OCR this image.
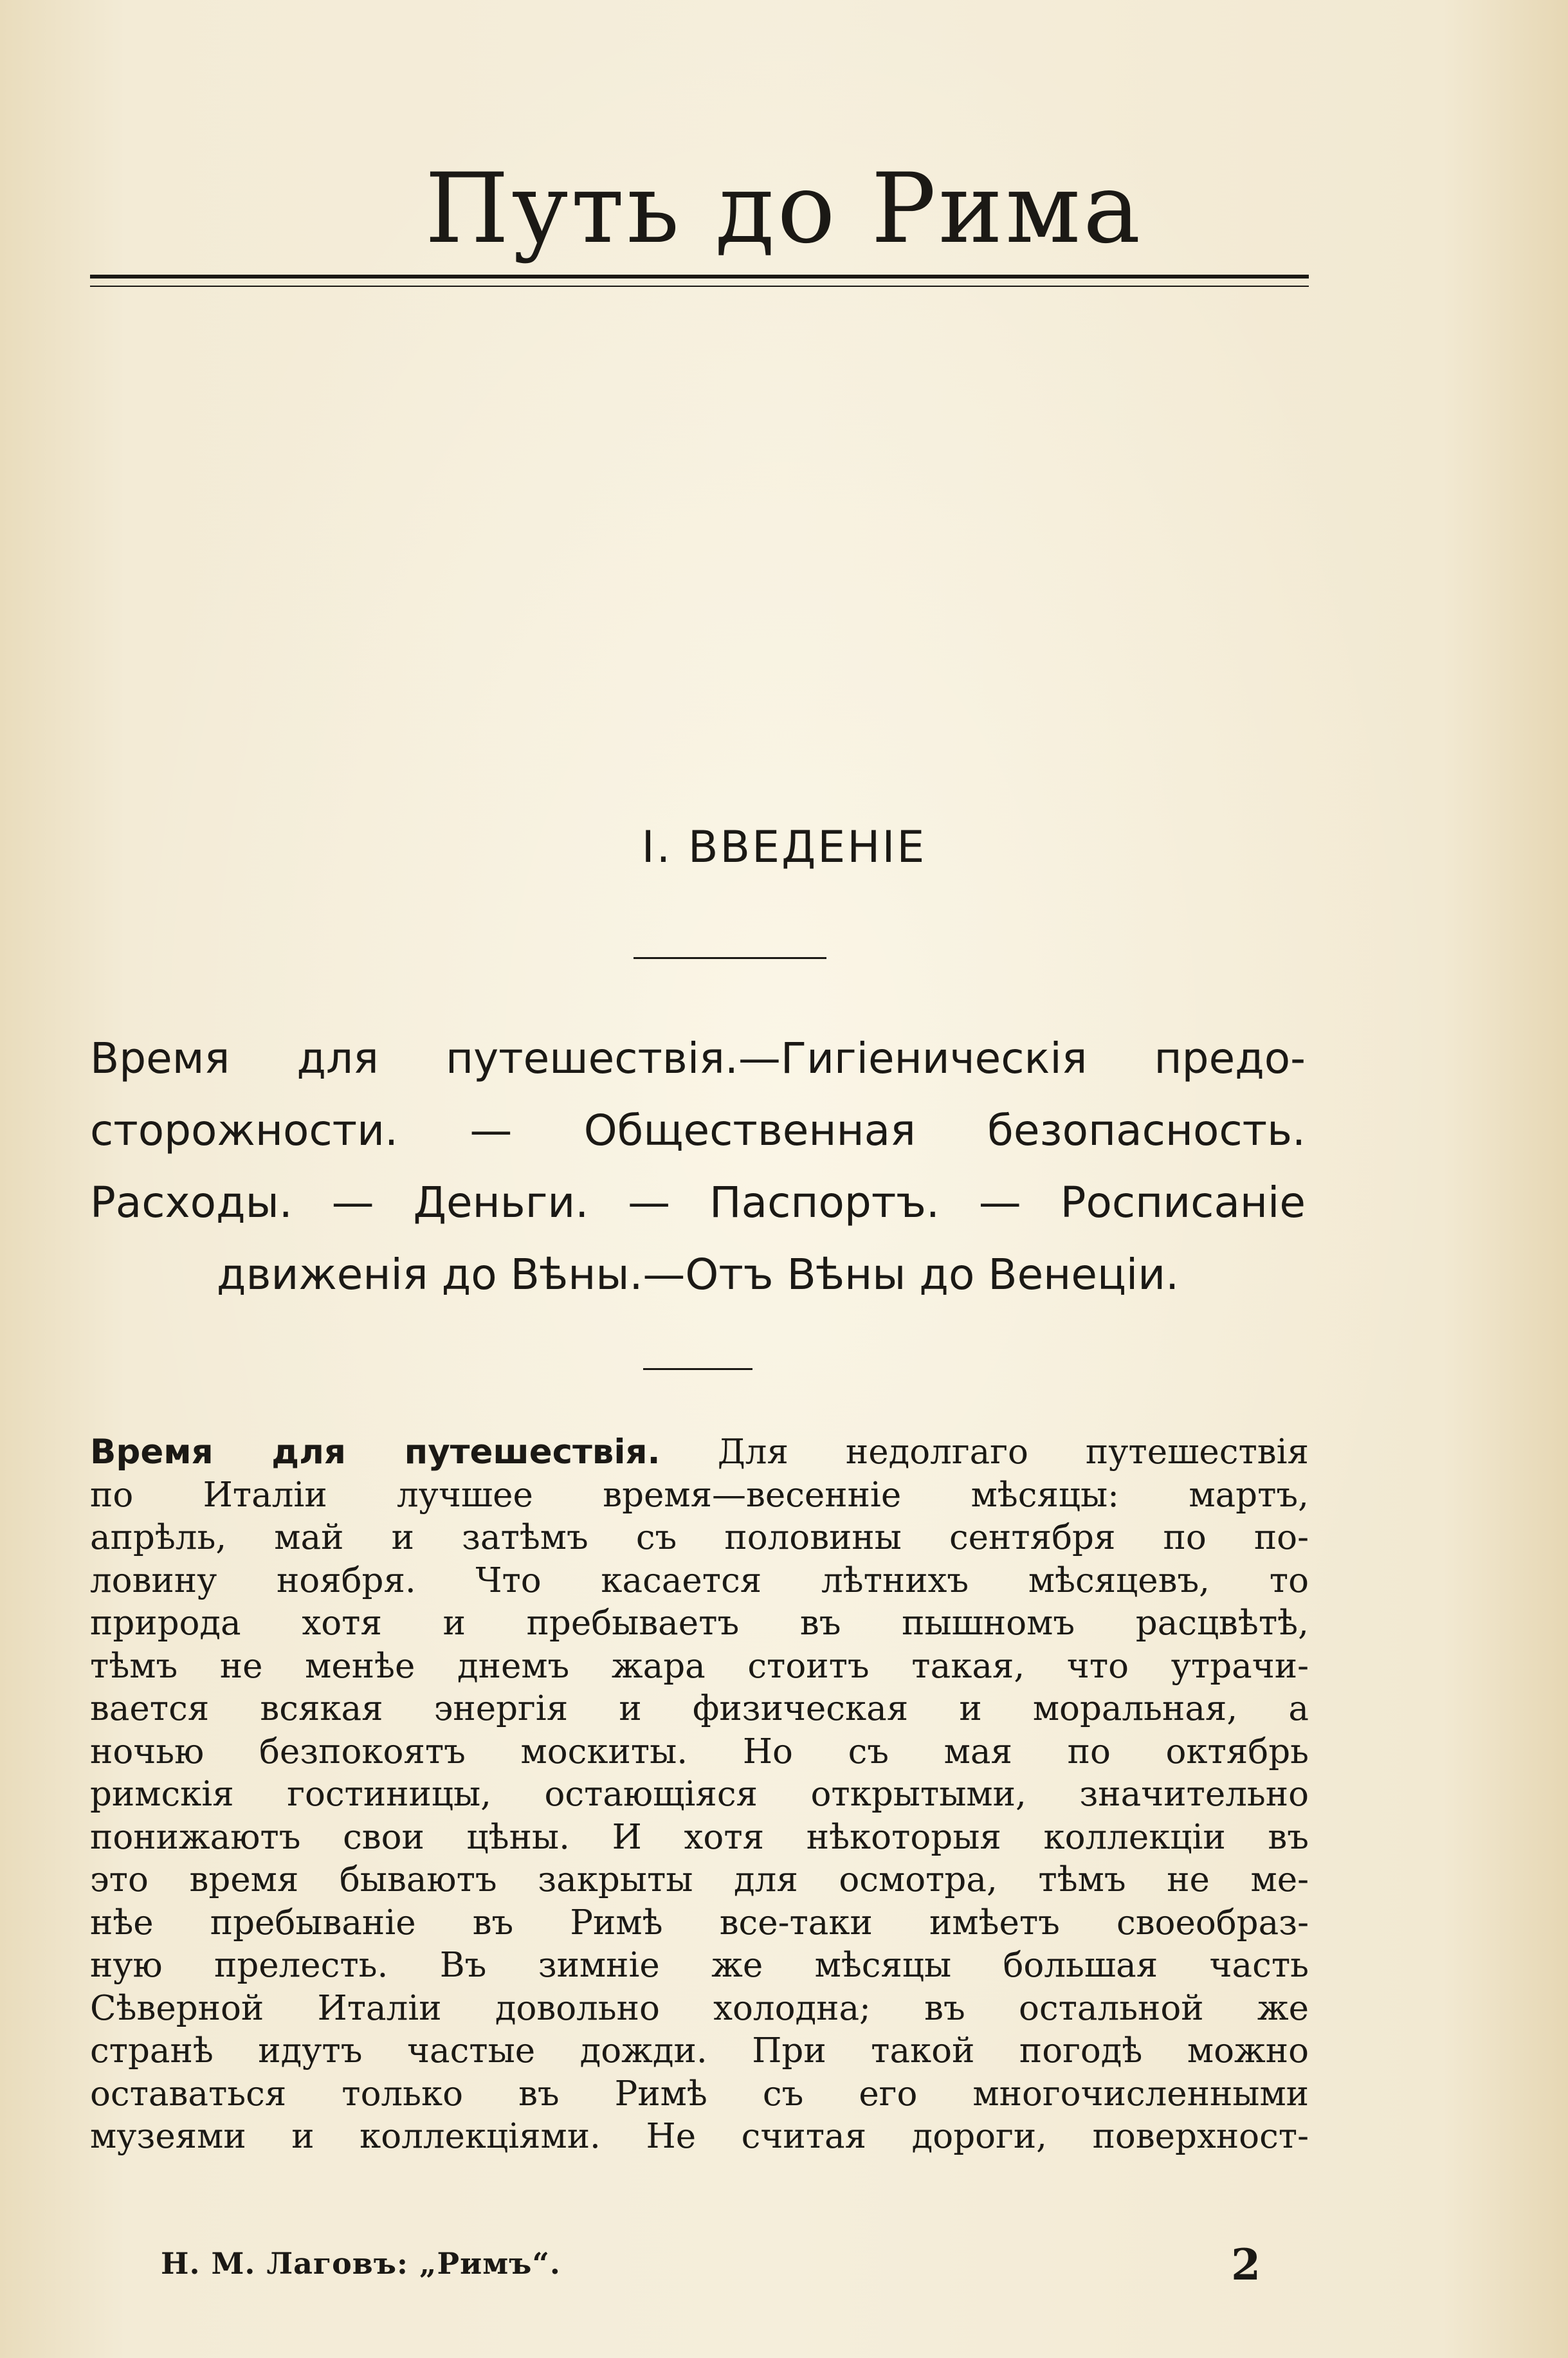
Путь до Рима
I. ВВЕДЕНІЕ
Время для путешествія.—Гигіеническія предо-
сторожности. — Общественная безопасность.
Расходы. — Деньги. — Паспортъ. — Росписаніе
движенія до Вѣны.—Отъ Вѣны до Венеціи.
Время для путешествія. Для недолгаго путешествія
по Италіи лучшее время—весенніе мѣсяцы: мартъ,
апрѣль, май и затѣмъ съ половины сентября по по-
ловину ноября. Что касается лѣтнихъ мѣсяцевъ, то
природа хотя и пребываетъ въ пышномъ расцвѣтѣ,
тѣмъ не менѣе днемъ жара стоитъ такая, что утрачи-
вается всякая энергія и физическая и моральная, а
ночью безпокоятъ москиты. Но съ мая по октябрь
римскія гостиницы, остающіяся открытыми, значительно
понижаютъ свои цѣны. И хотя нѣкоторыя коллекціи въ
это время бываютъ закрыты для осмотра, тѣмъ не ме-
нѣе пребываніе въ Римѣ все-таки имѣетъ своеобраз-
ную прелесть. Въ зимніе же мѣсяцы большая часть
Сѣверной Италіи довольно холодна; въ остальной же
странѣ идутъ частые дожди. При такой погодѣ можно
оставаться только въ Римѣ съ его многочисленными
музеями и коллекціями. Не считая дороги, поверхност-
Н. М. Лаговъ: „Римъ“.	2
